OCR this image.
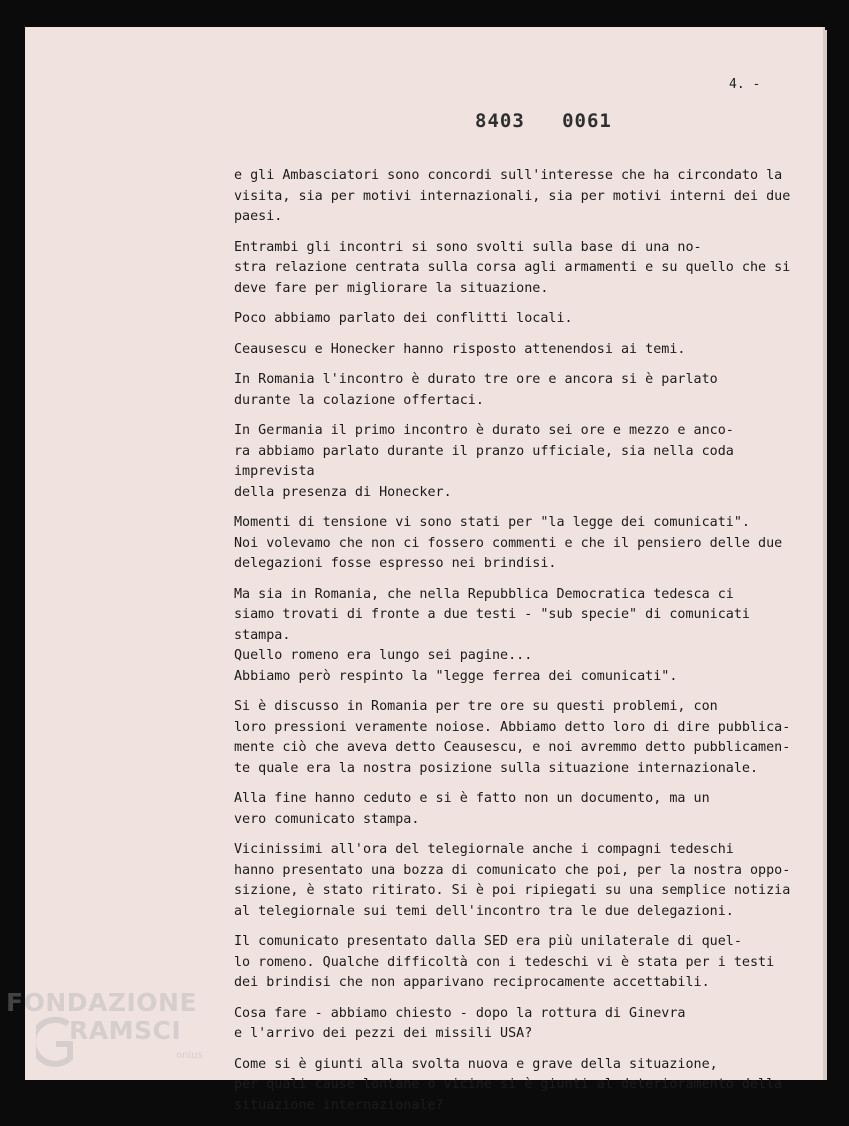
4. -

8403   0061

e gli Ambasciatori sono concordi sull'interesse che ha circondato la
visita, sia per motivi internazionali, sia per motivi interni dei due
paesi.

Entrambi gli incontri si sono svolti sulla base di una no-
stra relazione centrata sulla corsa agli armamenti e su quello che si
deve fare per migliorare la situazione.

Poco abbiamo parlato dei conflitti locali.

Ceausescu e Honecker hanno risposto attenendosi ai temi.

In Romania l'incontro è durato tre ore e ancora si è parlato
durante la colazione offertaci.

In Germania il primo incontro è durato sei ore e mezzo e anco-
ra abbiamo parlato durante il pranzo ufficiale, sia nella coda imprevista
della presenza di Honecker.

Momenti di tensione vi sono stati per "la legge dei comunicati".
Noi volevamo che non ci fossero commenti e che il pensiero delle due
delegazioni fosse espresso nei brindisi.

Ma sia in Romania, che nella Repubblica Democratica tedesca ci
siamo trovati di fronte a due testi - "sub specie" di comunicati stampa.
Quello romeno era lungo sei pagine...

Abbiamo però respinto la "legge ferrea dei comunicati".

Si è discusso in Romania per tre ore su questi problemi, con
loro pressioni veramente noiose. Abbiamo detto loro di dire pubblica-
mente ciò che aveva detto Ceausescu, e noi avremmo detto pubblicamen-
te quale era la nostra posizione sulla situazione internazionale.

Alla fine hanno ceduto e si è fatto non un documento, ma un
vero comunicato stampa.

Vicinissimi all'ora del telegiornale anche i compagni tedeschi
hanno presentato una bozza di comunicato che poi, per la nostra oppo-
sizione, è stato ritirato. Si è poi ripiegati su una semplice notizia
al telegiornale sui temi dell'incontro tra le due delegazioni.

Il comunicato presentato dalla SED era più unilaterale di quel-
lo romeno. Qualche difficoltà con i tedeschi vi è stata per i testi
dei brindisi che non apparivano reciprocamente accettabili.

Cosa fare - abbiamo chiesto - dopo la rottura di Ginevra
e l'arrivo dei pezzi dei missili USA?

Come si è giunti alla svolta nuova e grave della situazione,
per quali cause lontane o vicine si è giunti al deterioramento della
situazione internazionale?

FONDAZIONE
RAMSCI
onlus
